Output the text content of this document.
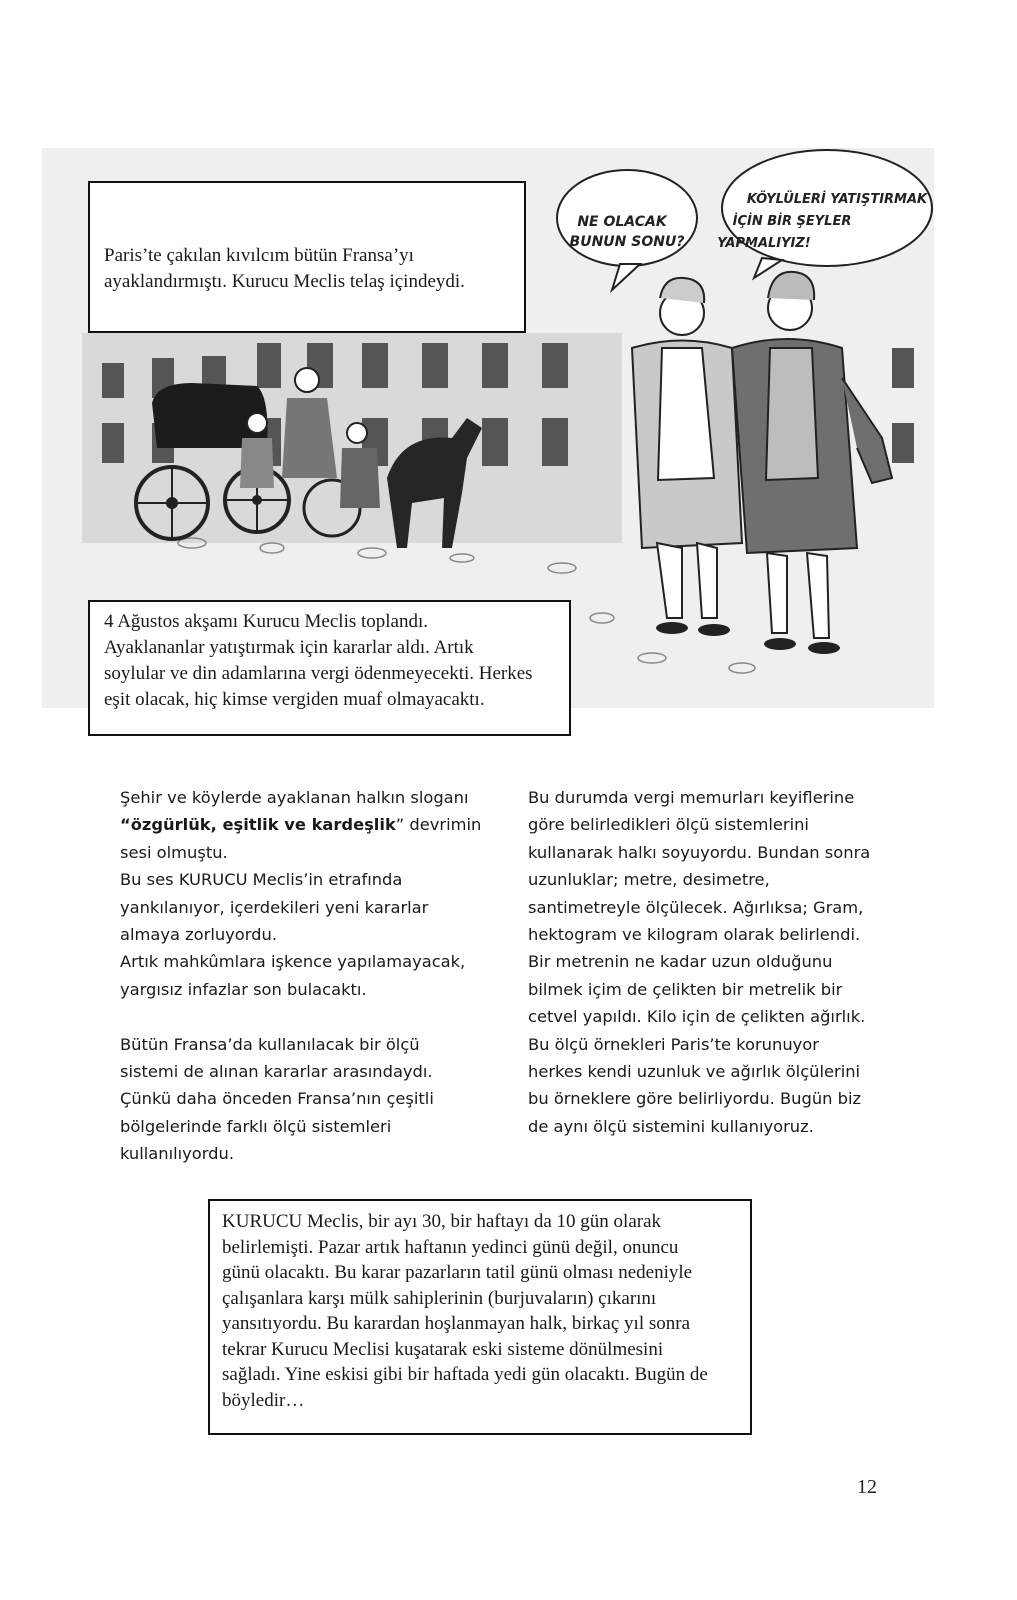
NE OLACAK
BUNUN SONU?
KÖYLÜLERİ YATIŞTIRMAK
İÇİN BİR ŞEYLER
YAPMALIYIZ!

Paris’te çakılan kıvılcım bütün Fransa’yı

ayaklandırmıştı. Kurucu Meclis telaş içindeydi.

4 Ağustos akşamı Kurucu Meclis toplandı.

Ayaklananlar yatıştırmak için kararlar aldı. Artık

soylular ve din adamlarına vergi ödenmeyecekti. Herkes

eşit olacak, hiç kimse vergiden muaf olmayacaktı.

Şehir ve köylerde ayaklanan halkın sloganı
“özgürlük, eşitlik ve kardeşlik” devrimin
sesi olmuştu.
Bu ses KURUCU Meclis’in etrafında
yankılanıyor, içerdekileri yeni kararlar
almaya zorluyordu.
Artık mahkûmlara işkence yapılamayacak,
yargısız infazlar son bulacaktı.
Bütün Fransa’da kullanılacak bir ölçü
sistemi de alınan kararlar arasındaydı.
Çünkü daha önceden Fransa’nın çeşitli
bölgelerinde farklı ölçü sistemleri
kullanılıyordu.
Bu durumda vergi memurları keyiflerine
göre belirledikleri ölçü sistemlerini
kullanarak halkı soyuyordu. Bundan sonra
uzunluklar; metre, desimetre,
santimetreyle ölçülecek. Ağırlıksa; Gram,
hektogram ve kilogram olarak belirlendi.
Bir metrenin ne kadar uzun olduğunu
bilmek içim de çelikten bir metrelik bir
cetvel yapıldı. Kilo için de çelikten ağırlık.
Bu ölçü örnekleri Paris’te korunuyor
herkes kendi uzunluk ve ağırlık ölçülerini
bu örneklere göre belirliyordu. Bugün biz
de aynı ölçü sistemini kullanıyoruz.

KURUCU Meclis, bir ayı 30, bir haftayı da 10 gün olarak

belirlemişti. Pazar artık haftanın yedinci günü değil, onuncu

günü olacaktı. Bu karar pazarların tatil günü olması nedeniyle

çalışanlara karşı mülk sahiplerinin (burjuvaların) çıkarını

yansıtıyordu. Bu karardan hoşlanmayan halk, birkaç yıl sonra

tekrar Kurucu Meclisi kuşatarak eski sisteme dönülmesini

sağladı. Yine eskisi gibi bir haftada yedi gün olacaktı. Bugün de

böyledir…

12
